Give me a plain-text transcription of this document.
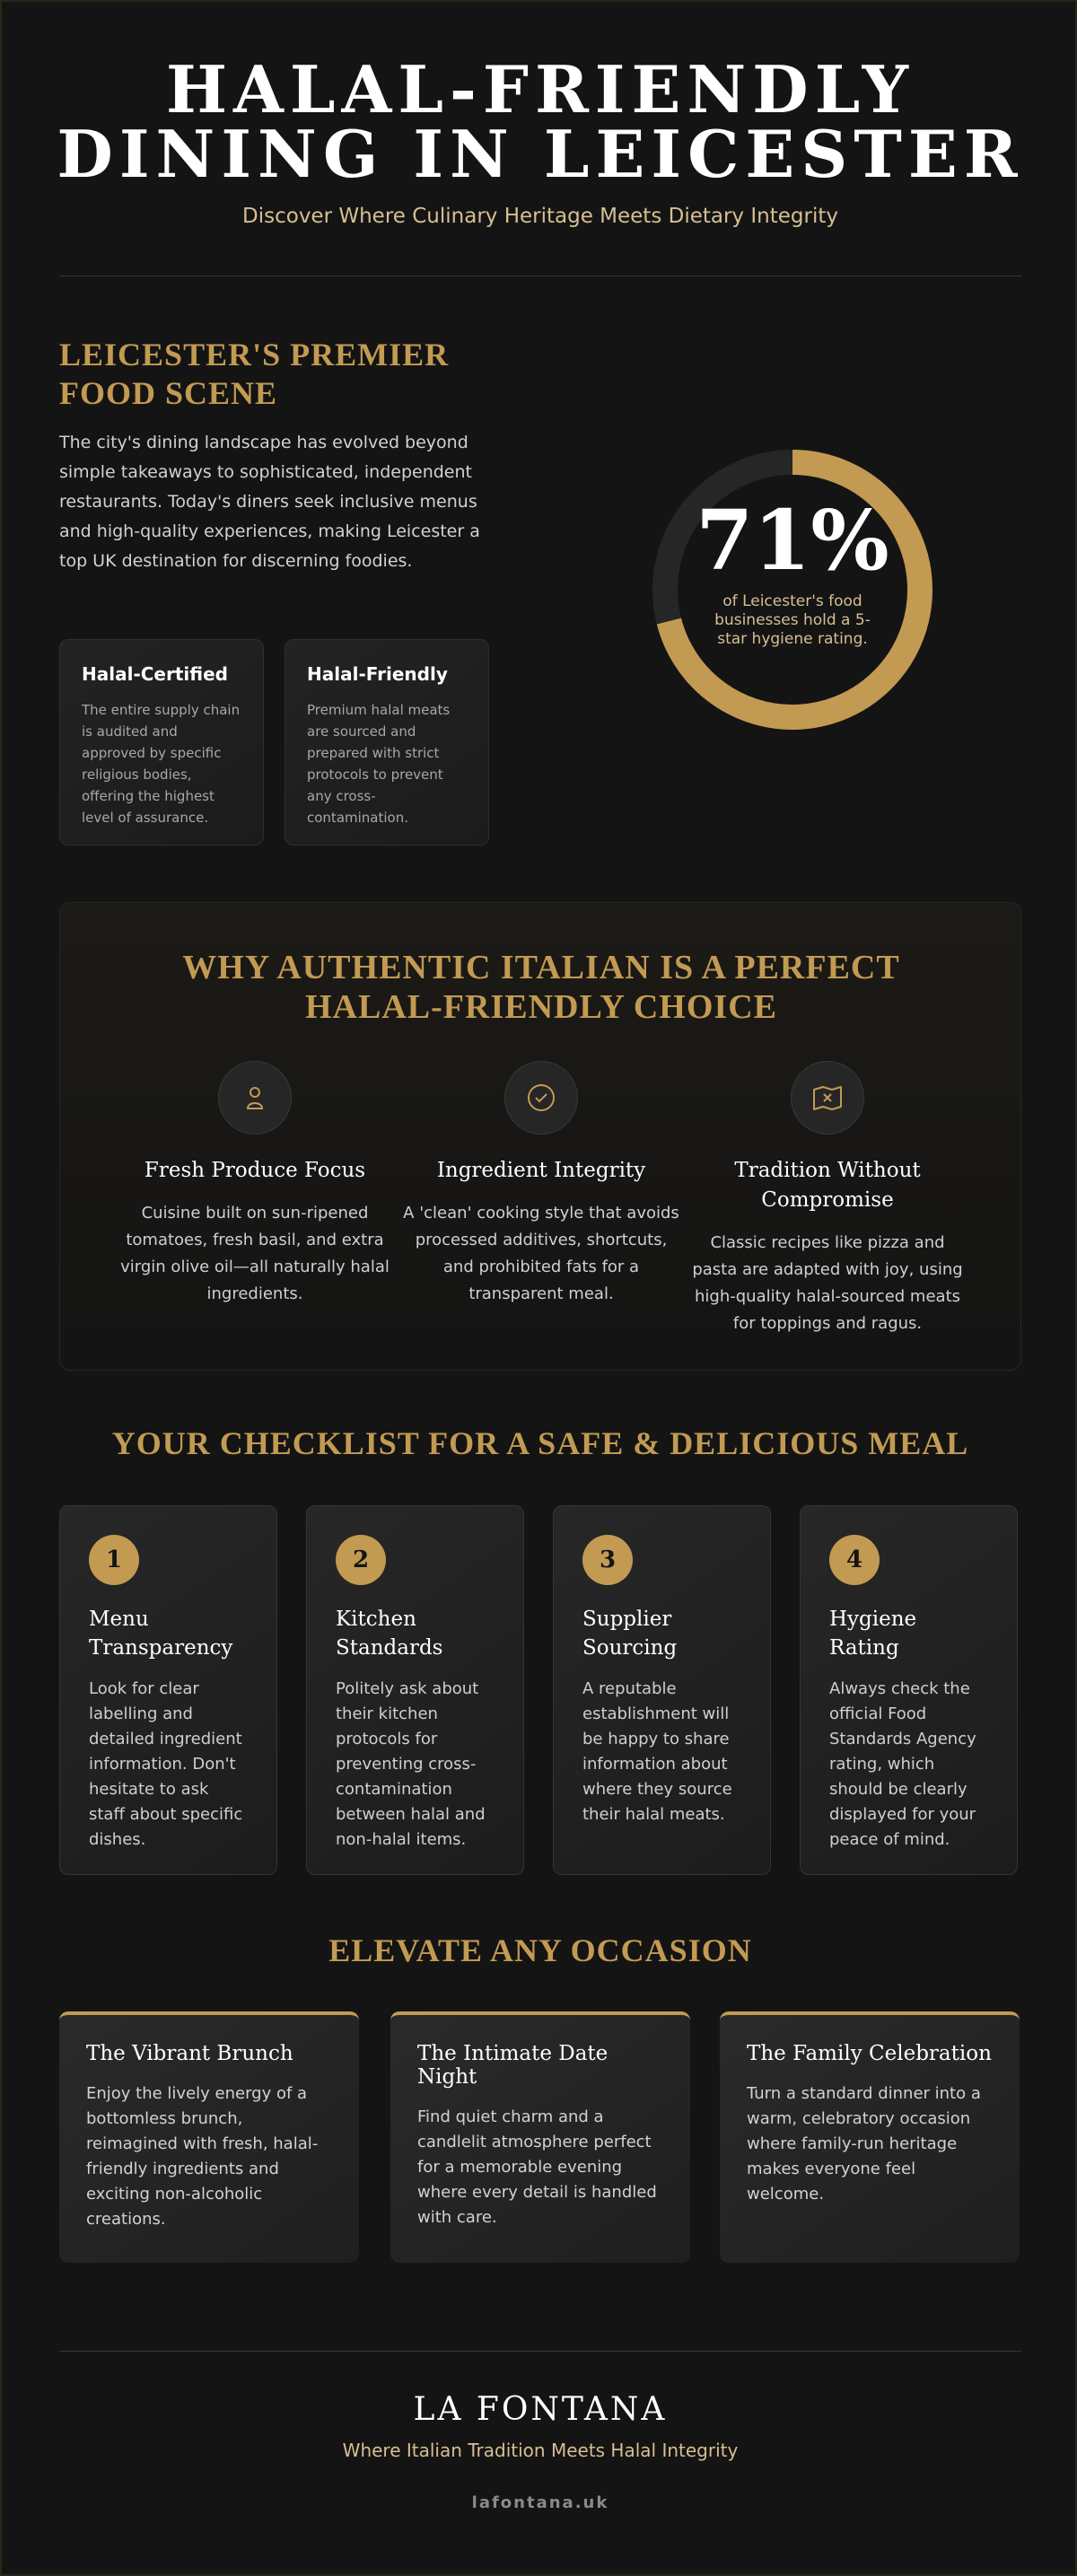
HALAL-FRIENDLY
DINING IN LEICESTER
Discover Where Culinary Heritage Meets Dietary Integrity
LEICESTER'S PREMIER FOOD SCENE

The city's dining landscape has evolved beyond simple takeaways to sophisticated, independent restaurants. Today's diners seek inclusive menus and high-quality experiences, making Leicester a top UK destination for discerning foodies.

Halal-Certified

The entire supply chain is audited and approved by specific religious bodies, offering the highest level of assurance.

Halal-Friendly

Premium halal meats are sourced and prepared with strict protocols to prevent any cross-contamination.

71%
of Leicester's food businesses hold a 5-star hygiene rating.
WHY AUTHENTIC ITALIAN IS A PERFECT HALAL-FRIENDLY CHOICE
Fresh Produce Focus

Cuisine built on sun-ripened tomatoes, fresh basil, and extra virgin olive oil—all naturally halal ingredients.

Ingredient Integrity

A 'clean' cooking style that avoids processed additives, shortcuts, and prohibited fats for a transparent meal.

Tradition Without Compromise

Classic recipes like pizza and pasta are adapted with joy, using high-quality halal-sourced meats for toppings and ragus.

YOUR CHECKLIST FOR A SAFE & DELICIOUS MEAL
1
Menu Transparency

Look for clear labelling and detailed ingredient information. Don't hesitate to ask staff about specific dishes.

2
Kitchen Standards

Politely ask about their kitchen protocols for preventing cross-contamination between halal and non-halal items.

3
Supplier Sourcing

A reputable establishment will be happy to share information about where they source their halal meats.

4
Hygiene Rating

Always check the official Food Standards Agency rating, which should be clearly displayed for your peace of mind.

ELEVATE ANY OCCASION
The Vibrant Brunch

Enjoy the lively energy of a bottomless brunch, reimagined with fresh, halal-friendly ingredients and exciting non-alcoholic creations.

The Intimate Date Night

Find quiet charm and a candlelit atmosphere perfect for a memorable evening where every detail is handled with care.

The Family Celebration

Turn a standard dinner into a warm, celebratory occasion where family-run heritage makes everyone feel welcome.

LA FONTANA
Where Italian Tradition Meets Halal Integrity
lafontana.uk
